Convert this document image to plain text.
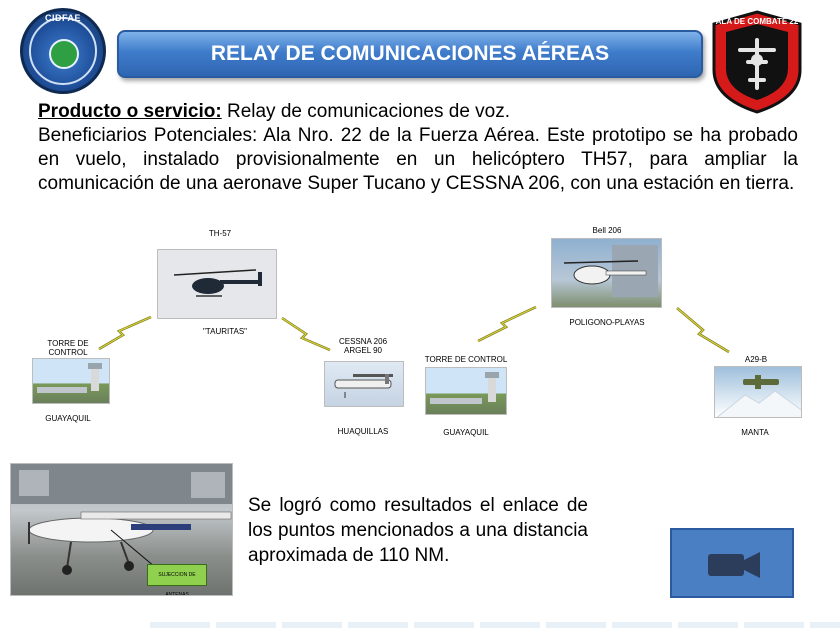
CIDFAE
RELAY DE COMUNICACIONES AÉREAS
ALA DE COMBATE 22
Producto o servicio: Relay de comunicaciones de voz.
Beneficiarios Potenciales: Ala Nro. 22 de la Fuerza Aérea. Este prototipo se ha probado en vuelo, instalado provisionalmente en un helicóptero TH57, para ampliar la comunicación de una aeronave Super Tucano y CESSNA 206, con una estación en tierra.
TH-57
"TAURITAS"
TORRE DE CONTROL
GUAYAQUIL
CESSNA 206 ARGEL 90
HUAQUILLAS
Bell 206
POLIGONO-PLAYAS
TORRE DE CONTROL
GUAYAQUIL
A29-B
MANTA
SUJECCION DE ANTENAS
Se logró como resultados el enlace de los puntos mencionados a una distancia aproximada de 110 NM.
